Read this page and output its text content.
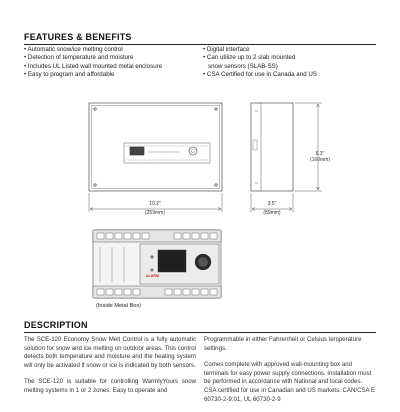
FEATURES & BENEFITS
• Automatic snow/ice melting control
• Detection of temperature and moisture
• Includes UL Listed wall mounted metal enclosure
• Easy to program and affordable
• Digital interface
• Can utilize up to 2 slab mounted
snow sensors (SLAB-SS)
• CSA Certified for use in Canada and US
10.2"
(259mm)
3.5"
(89mm)
6.3"
(160mm)
ALARM
(Inside Metal Box)
DESCRIPTION

The SCE-120 Economy Snow Melt Control is a fully automatic solution for snow and ice melting on outdoor areas. This control detects both temperature and moisture and the heating system will only be activated if snow or ice is indicated by both sensors.

The SCE-120 is suitable for controlling WarmlyYours snow melting systems in 1 or 2 zones. Easy to operate and

Programmable in either Fahrenheit or Celsius temperature settings.

Comes complete with approved wall-mounting box and terminals for easy power supply connections. Installation must be performed in accordance with National and local codes. CSA certified for use in Canadian and US markets. CAN/CSA E 60730-2-9:01, UL 60730-2-9
